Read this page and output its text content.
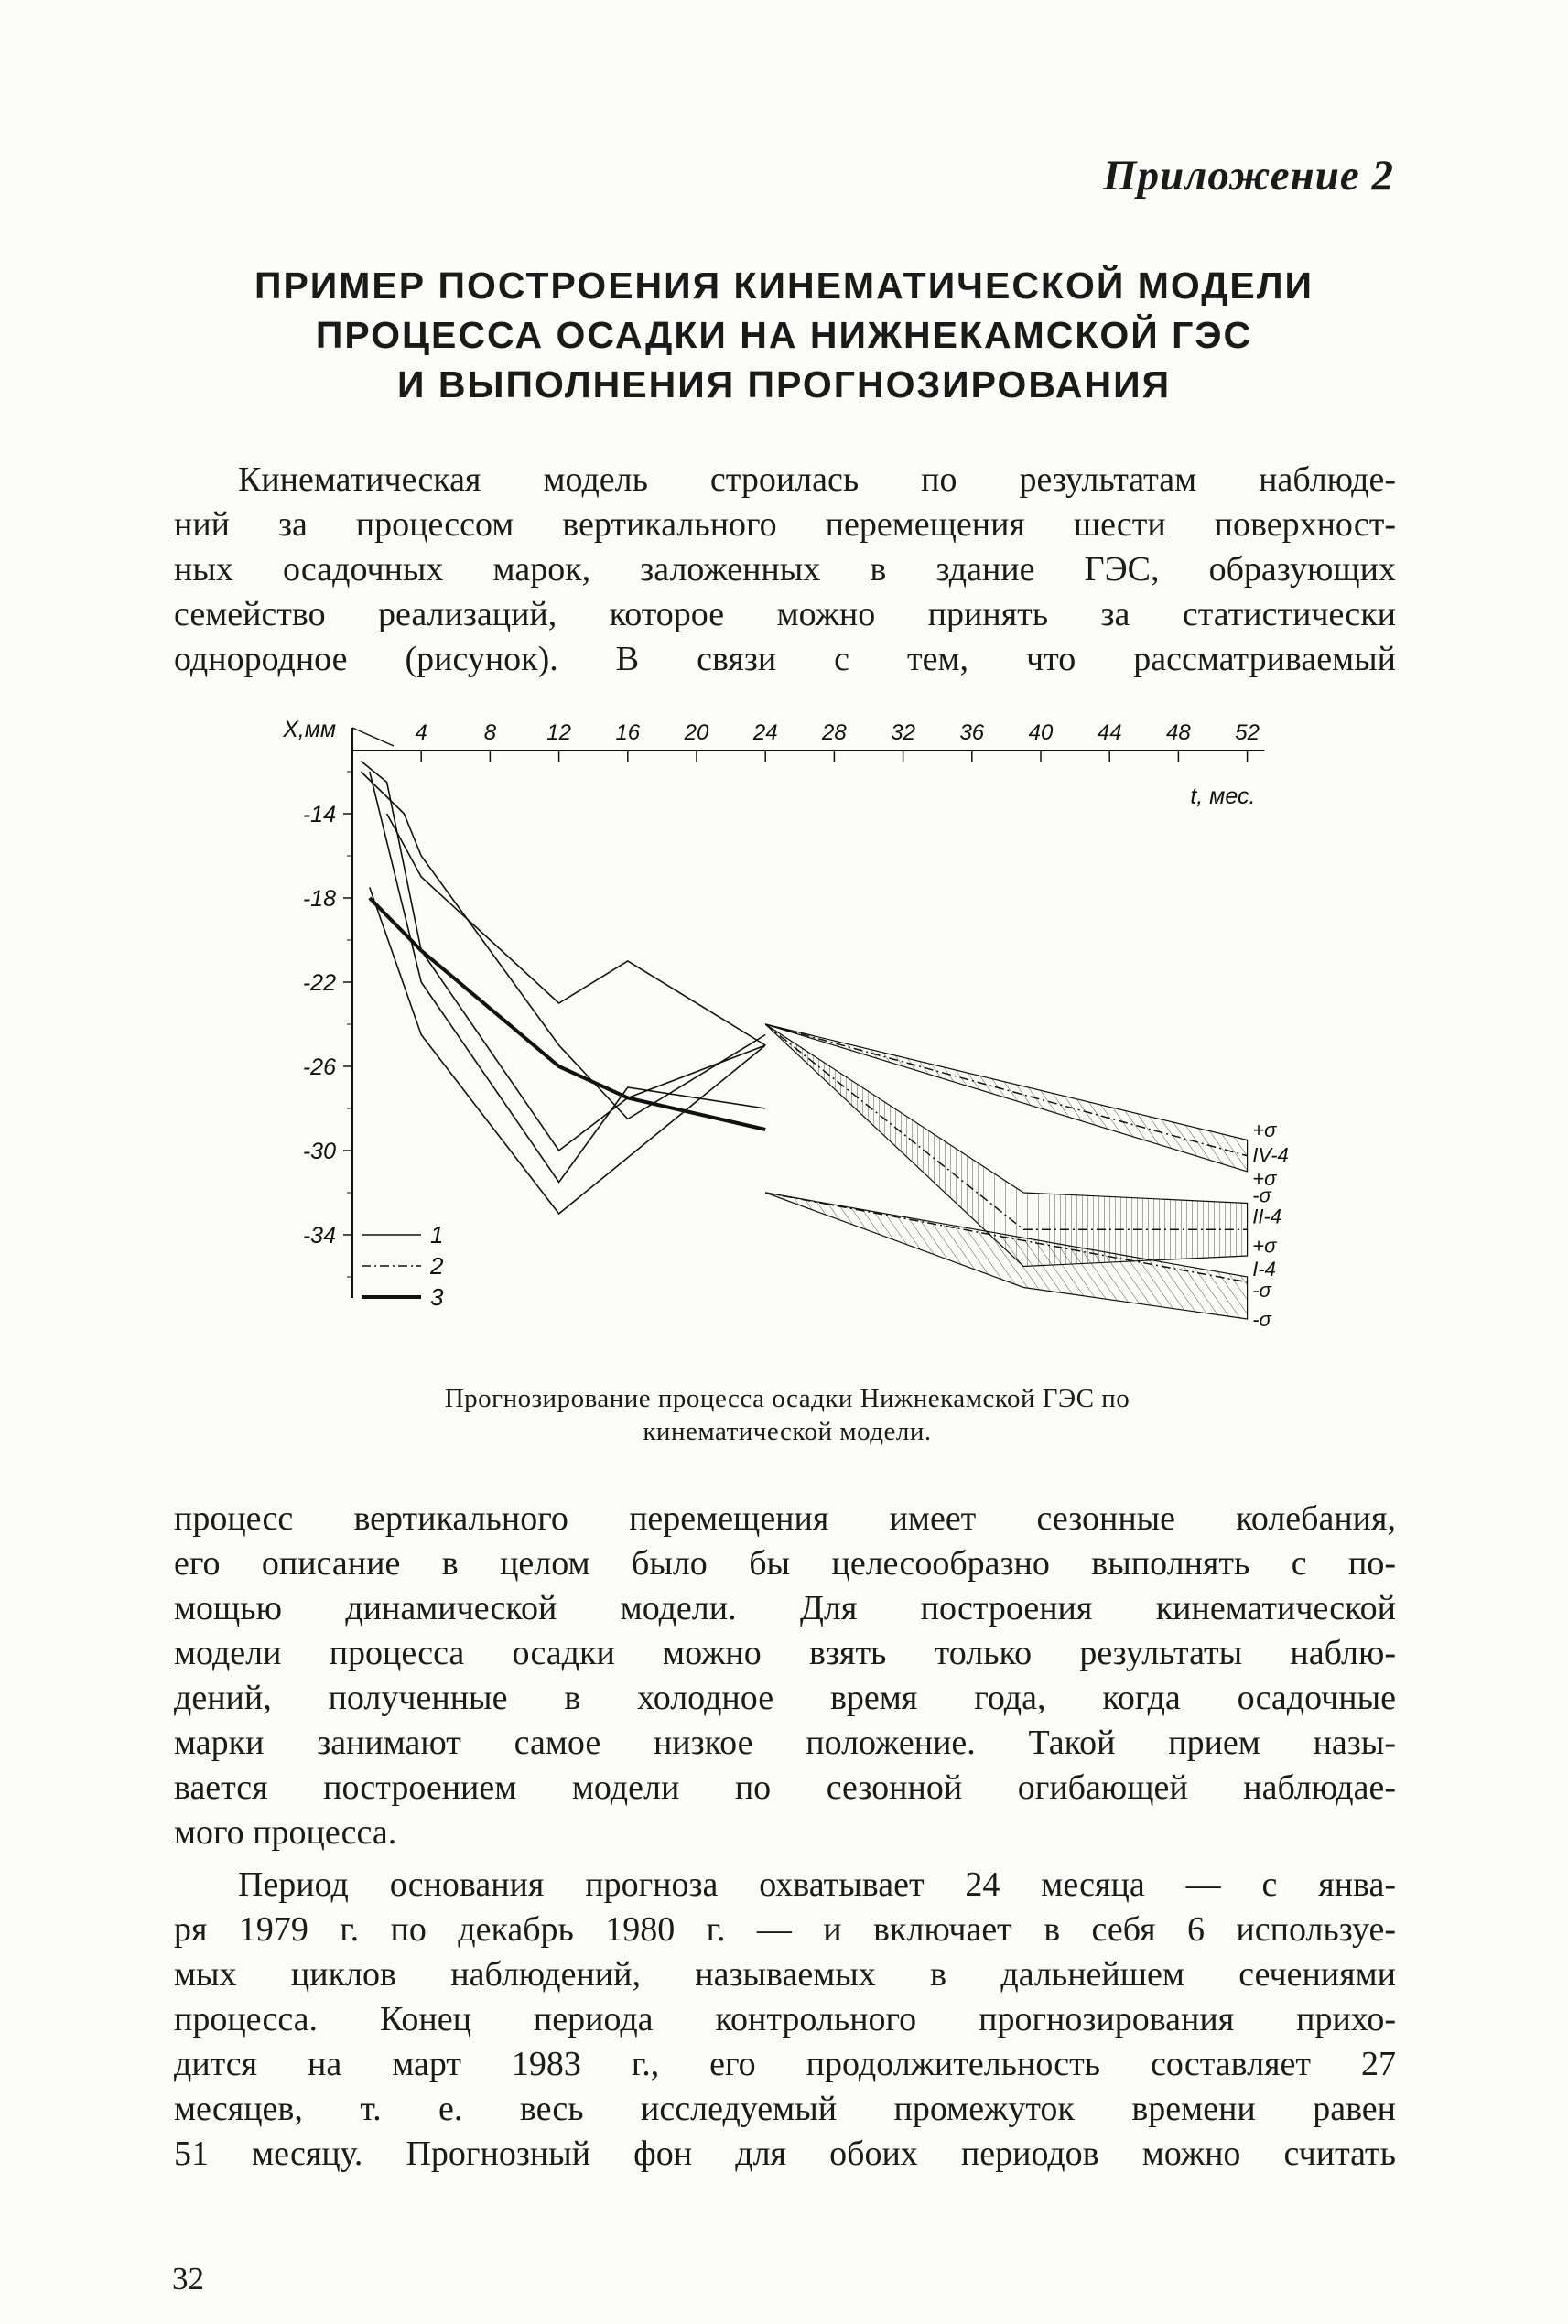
Приложение 2
ПРИМЕР ПОСТРОЕНИЯ КИНЕМАТИЧЕСКОЙ МОДЕЛИ
ПРОЦЕССА ОСАДКИ НА НИЖНЕКАМСКОЙ ГЭС
И ВЫПОЛНЕНИЯ ПРОГНОЗИРОВАНИЯ
Кинематическая модель строилась по результатам наблюде-
ний за процессом вертикального перемещения шести поверхност-
ных осадочных марок, заложенных в здание ГЭС, образующих
семейство реализаций, которое можно принять за статистически
однородное (рисунок). В связи с тем, что рассматриваемый
4	8 12 16 20 24 28 32 36 40 44 48 52
-14
-18
-22
-26
-30
-34
X,мм
t, мес.
1
2
3
+σ
IV-4
+σ
-σ
II-4
+σ
I-4
-σ
-σ
Прогнозирование процесса осадки Нижнекамской ГЭС по
кинематической модели.
процесс вертикального перемещения имеет сезонные колебания,
его описание в целом было бы целесообразно выполнять с по-
мощью динамической модели. Для построения кинематической
модели процесса осадки можно взять только результаты наблю-
дений, полученные в холодное время года, когда осадочные
марки занимают самое низкое положение. Такой прием назы-
вается построением модели по сезонной огибающей наблюдае-
мого процесса.
Период основания прогноза охватывает 24 месяца — с янва-
ря 1979 г. по декабрь 1980 г. — и включает в себя 6 используе-
мых циклов наблюдений, называемых в дальнейшем сечениями
процесса. Конец периода контрольного прогнозирования прихо-
дится на март 1983 г., его продолжительность составляет 27
месяцев, т. е. весь исследуемый промежуток времени равен
51 месяцу. Прогнозный фон для обоих периодов можно считать
32
